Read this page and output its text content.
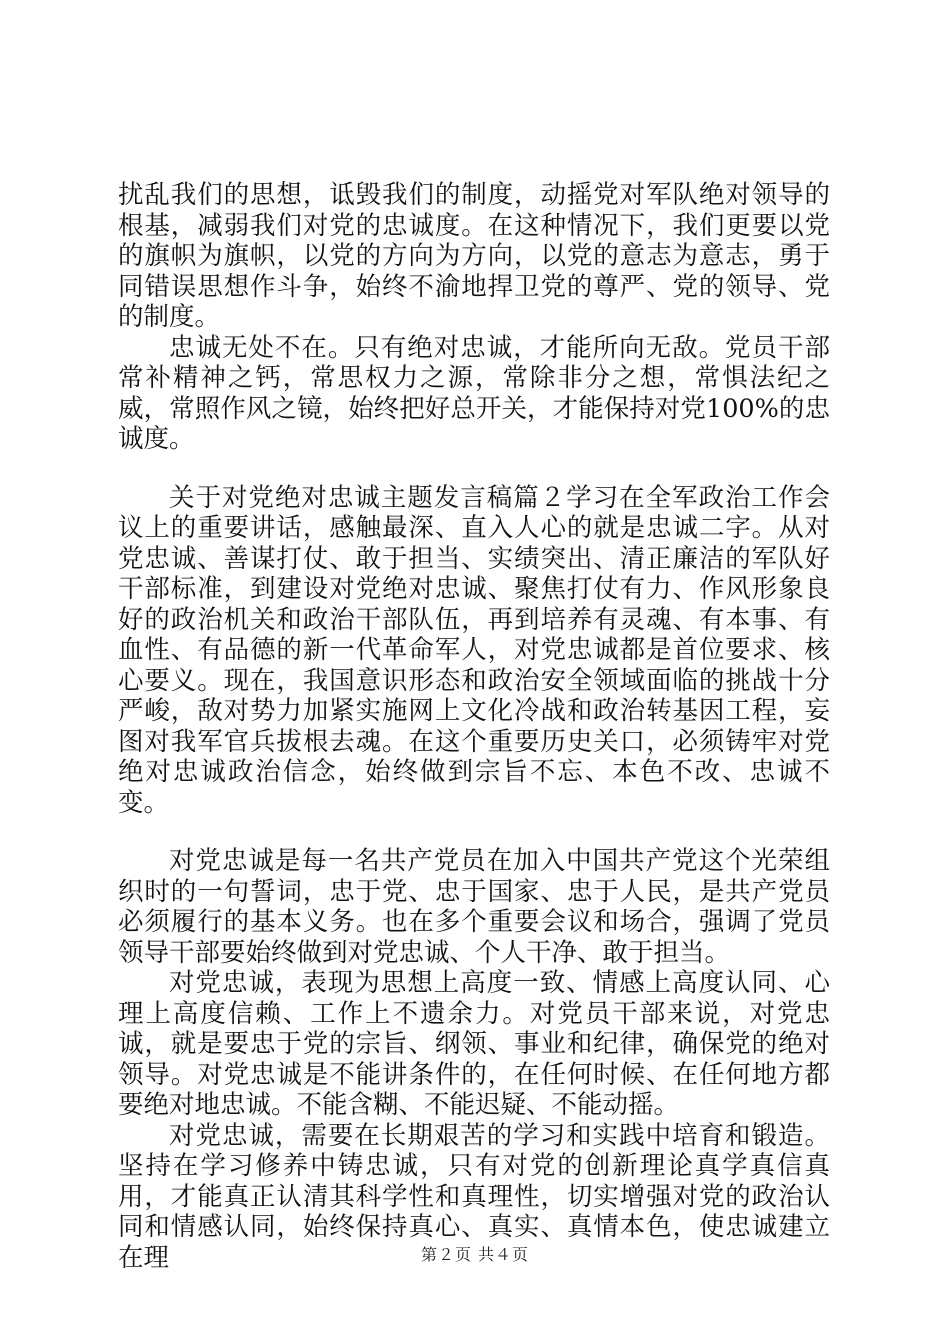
扰乱我们的思想，诋毁我们的制度，动摇党对军队绝对领导的根基，减弱我们对党的忠诚度。在这种情况下，我们更要以党的旗帜为旗帜，以党的方向为方向，以党的意志为意志，勇于同错误思想作斗争，始终不渝地捍卫党的尊严、党的领导、党的制度。

忠诚无处不在。只有绝对忠诚，才能所向无敌。党员干部常补精神之钙，常思权力之源，常除非分之想，常惧法纪之威，常照作风之镜，始终把好总开关，才能保持对党100%的忠诚度。

关于对党绝对忠诚主题发言稿篇２学习在全军政治工作会议上的重要讲话，感触最深、直入人心的就是忠诚二字。从对党忠诚、善谋打仗、敢于担当、实绩突出、清正廉洁的军队好干部标准，到建设对党绝对忠诚、聚焦打仗有力、作风形象良好的政治机关和政治干部队伍，再到培养有灵魂、有本事、有血性、有品德的新一代革命军人，对党忠诚都是首位要求、核心要义。现在，我国意识形态和政治安全领域面临的挑战十分严峻，敌对势力加紧实施网上文化冷战和政治转基因工程，妄图对我军官兵拔根去魂。在这个重要历史关口，必须铸牢对党绝对忠诚政治信念，始终做到宗旨不忘、本色不改、忠诚不变。

对党忠诚是每一名共产党员在加入中国共产党这个光荣组织时的一句誓词，忠于党、忠于国家、忠于人民，是共产党员必须履行的基本义务。也在多个重要会议和场合，强调了党员领导干部要始终做到对党忠诚、个人干净、敢于担当。

对党忠诚，表现为思想上高度一致、情感上高度认同、心理上高度信赖、工作上不遗余力。对党员干部来说，对党忠诚，就是要忠于党的宗旨、纲领、事业和纪律，确保党的绝对领导。对党忠诚是不能讲条件的，在任何时候、在任何地方都要绝对地忠诚。不能含糊、不能迟疑、不能动摇。

对党忠诚，需要在长期艰苦的学习和实践中培育和锻造。坚持在学习修养中铸忠诚，只有对党的创新理论真学真信真用，才能真正认清其科学性和真理性，切实增强对党的政治认同和情感认同，始终保持真心、真实、真情本色，使忠诚建立在理	第２页 共４页
